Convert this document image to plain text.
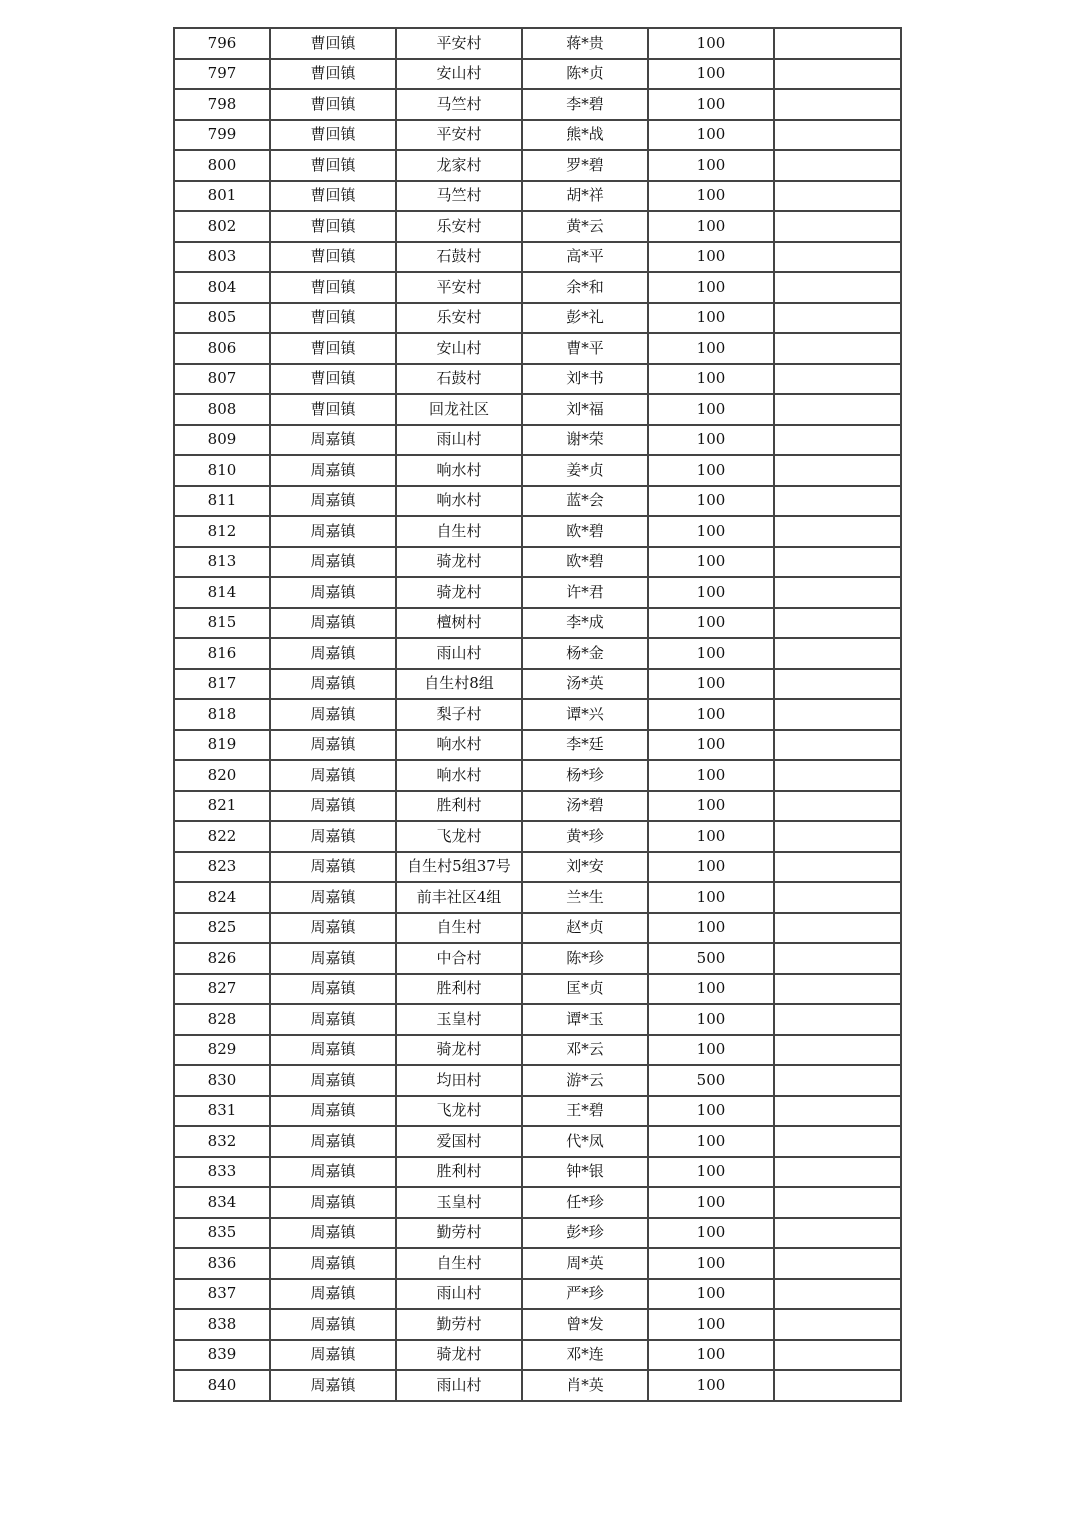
796	曹回镇	平安村	蒋*贵	100	
797	曹回镇	安山村	陈*贞	100	
798	曹回镇	马竺村	李*碧	100	
799	曹回镇	平安村	熊*战	100	
800	曹回镇	龙家村	罗*碧	100	
801	曹回镇	马竺村	胡*祥	100	
802	曹回镇	乐安村	黄*云	100	
803	曹回镇	石鼓村	高*平	100	
804	曹回镇	平安村	余*和	100	
805	曹回镇	乐安村	彭*礼	100	
806	曹回镇	安山村	曹*平	100	
807	曹回镇	石鼓村	刘*书	100	
808	曹回镇	回龙社区	刘*福	100	
809	周嘉镇	雨山村	谢*荣	100	
810	周嘉镇	响水村	姜*贞	100	
811	周嘉镇	响水村	蓝*会	100	
812	周嘉镇	自生村	欧*碧	100	
813	周嘉镇	骑龙村	欧*碧	100	
814	周嘉镇	骑龙村	许*君	100	
815	周嘉镇	檀树村	李*成	100	
816	周嘉镇	雨山村	杨*金	100	
817	周嘉镇	自生村8组	汤*英	100	
818	周嘉镇	梨子村	谭*兴	100	
819	周嘉镇	响水村	李*廷	100	
820	周嘉镇	响水村	杨*珍	100	
821	周嘉镇	胜利村	汤*碧	100	
822	周嘉镇	飞龙村	黄*珍	100	
823	周嘉镇	自生村5组37号	刘*安	100	
824	周嘉镇	前丰社区4组	兰*生	100	
825	周嘉镇	自生村	赵*贞	100	
826	周嘉镇	中合村	陈*珍	500	
827	周嘉镇	胜利村	匡*贞	100	
828	周嘉镇	玉皇村	谭*玉	100	
829	周嘉镇	骑龙村	邓*云	100	
830	周嘉镇	均田村	游*云	500	
831	周嘉镇	飞龙村	王*碧	100	
832	周嘉镇	爱国村	代*凤	100	
833	周嘉镇	胜利村	钟*银	100	
834	周嘉镇	玉皇村	任*珍	100	
835	周嘉镇	勤劳村	彭*珍	100	
836	周嘉镇	自生村	周*英	100	
837	周嘉镇	雨山村	严*珍	100	
838	周嘉镇	勤劳村	曾*发	100	
839	周嘉镇	骑龙村	邓*连	100	
840	周嘉镇	雨山村	肖*英	100	
